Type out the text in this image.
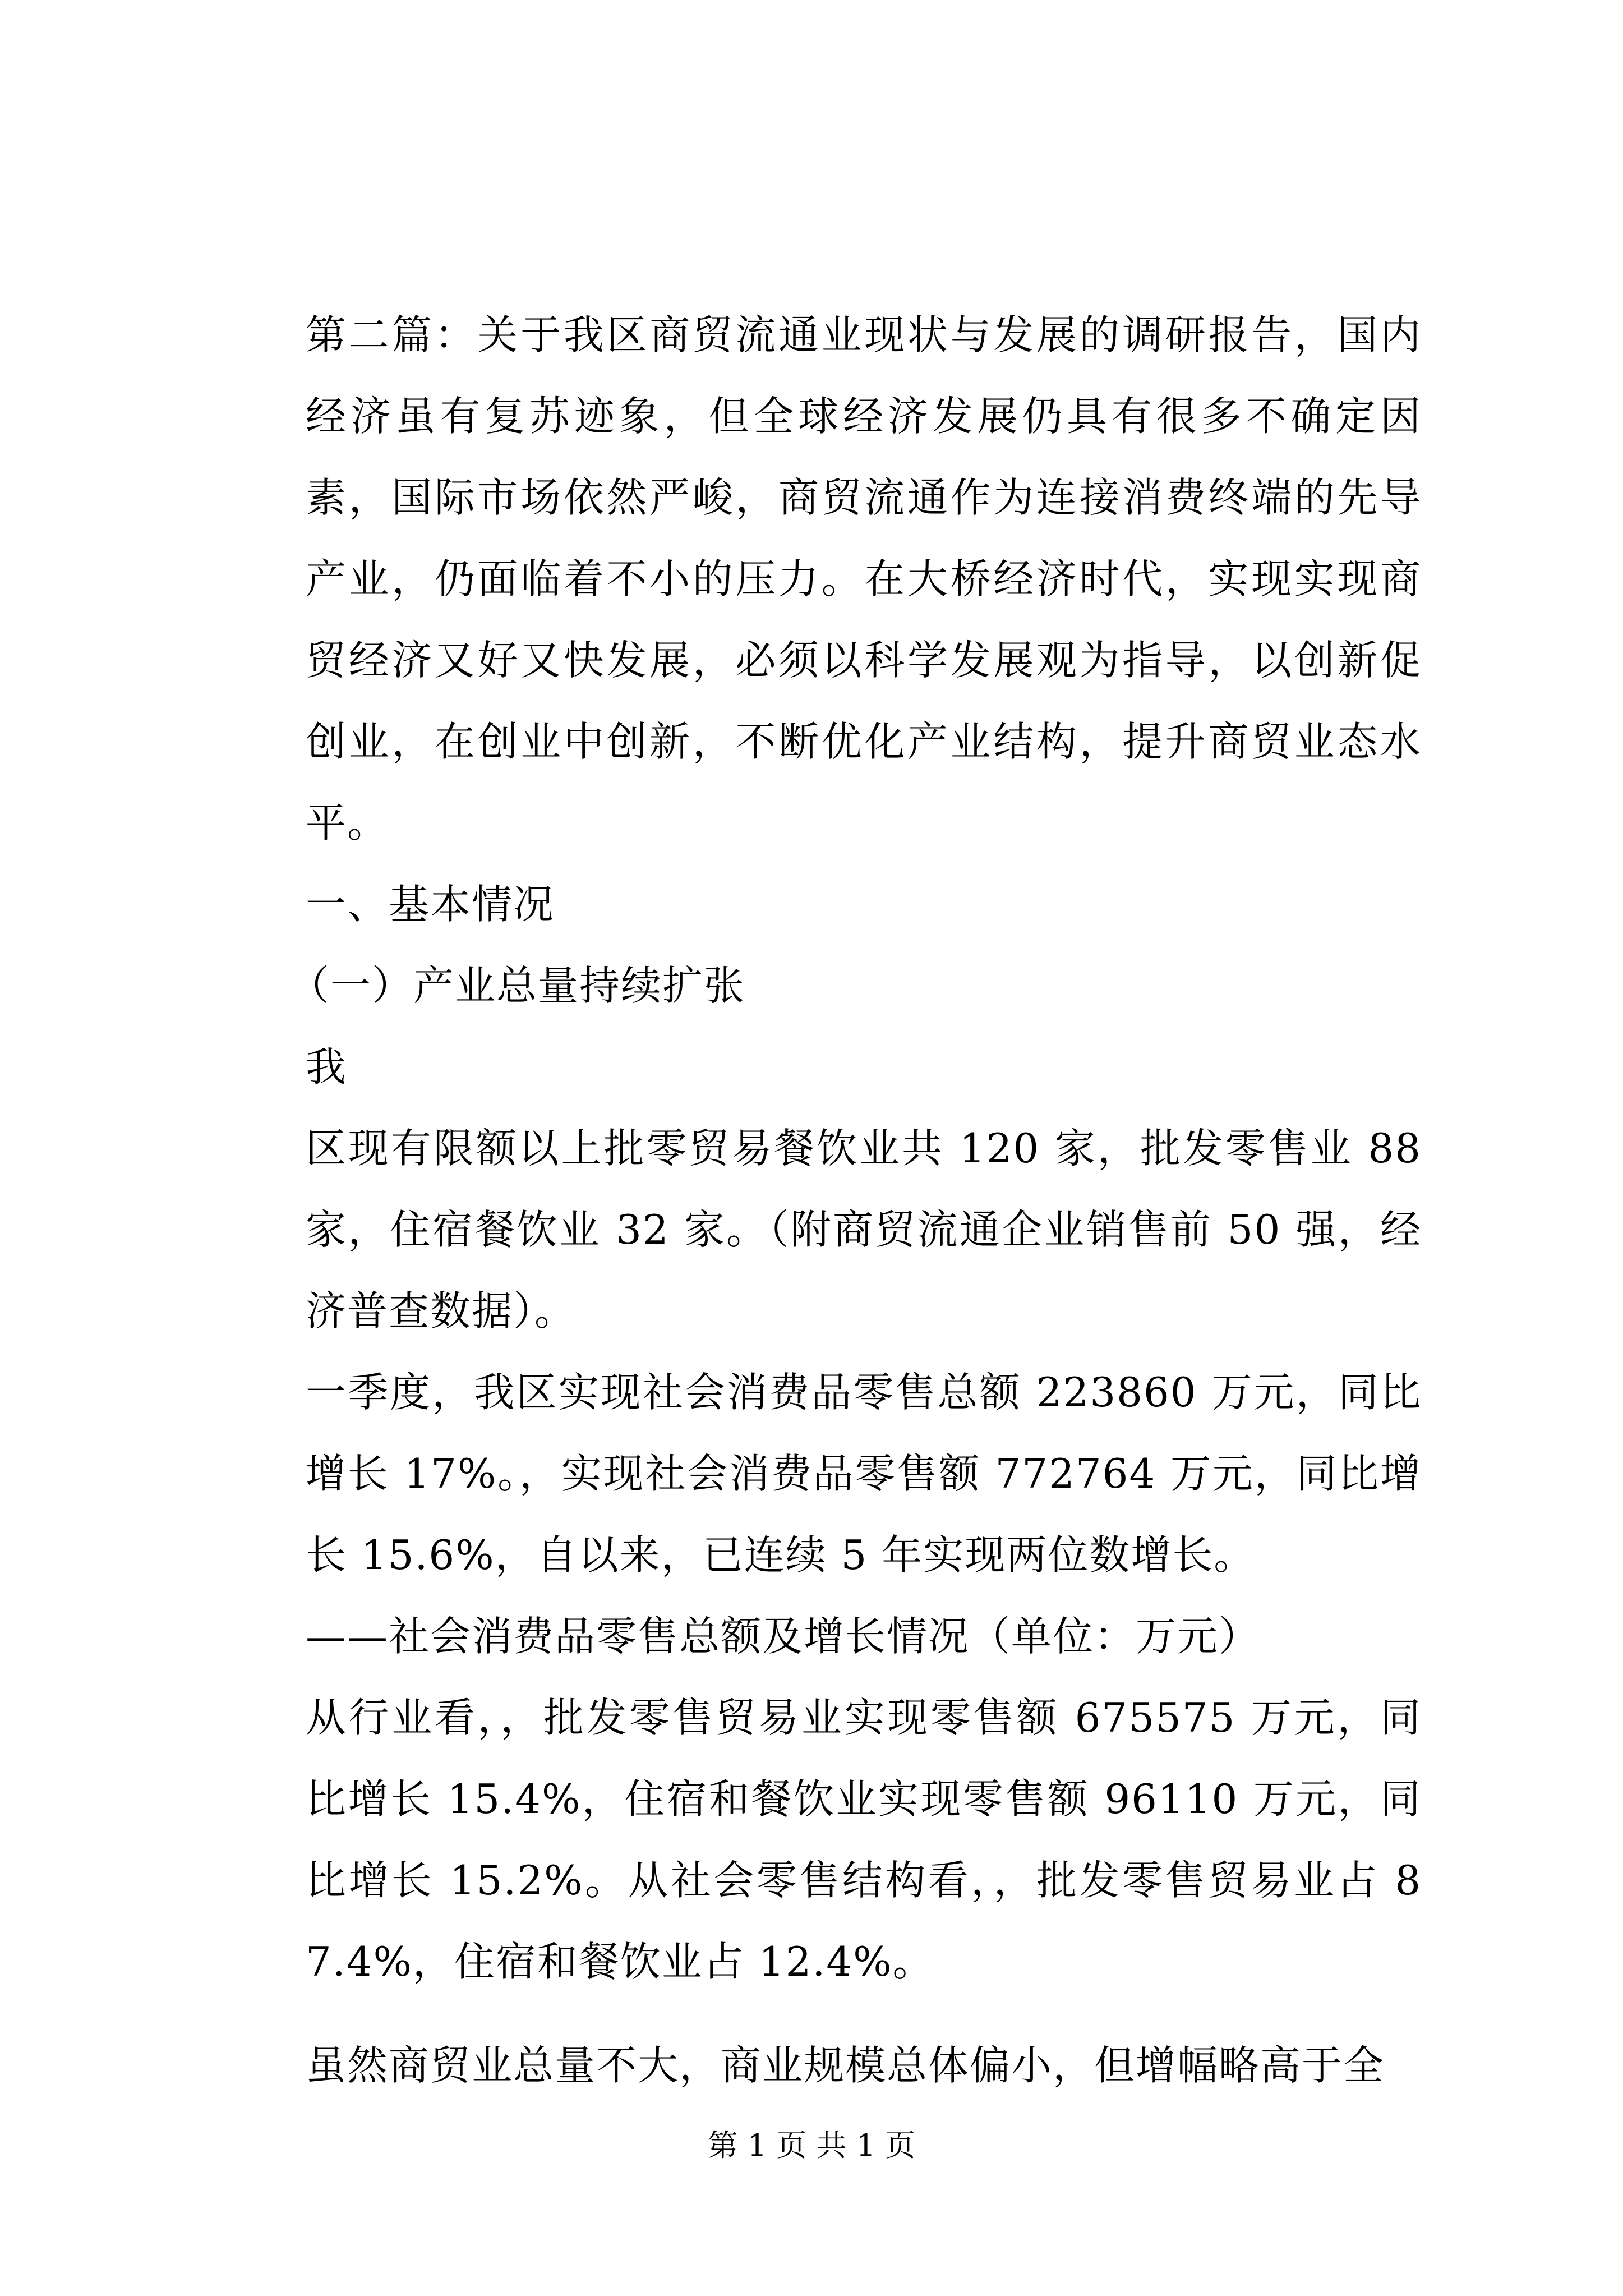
第二篇：关于我区商贸流通业现状与发展的调研报告，国内经济虽有复苏迹象，但全球经济发展仍具有很多不确定因素，国际市场依然严峻，商贸流通作为连接消费终端的先导产业，仍面临着不小的压力。在大桥经济时代，实现实现商贸经济又好又快发展，必须以科学发展观为指导，以创新促创业，在创业中创新，不断优化产业结构，提升商贸业态水平。

一、基本情况

（一）产业总量持续扩张

我

区现有限额以上批零贸易餐饮业共 120 家，批发零售业 88 家，住宿餐饮业 32 家。（附商贸流通企业销售前 50 强，经济普查数据）。

一季度，我区实现社会消费品零售总额 223860 万元，同比增长 17%。，实现社会消费品零售额 772764 万元，同比增长 15.6%，自以来，已连续 5 年实现两位数增长。

——社会消费品零售总额及增长情况（单位：万元）

从行业看，，批发零售贸易业实现零售额 675575 万元，同比增长 15.4%，住宿和餐饮业实现零售额 96110 万元，同比增长 15.2%。从社会零售结构看，，批发零售贸易业占 87.4%，住宿和餐饮业占 12.4%。

虽然商贸业总量不大，商业规模总体偏小，但增幅略高于全

第 1 页 共 1 页
